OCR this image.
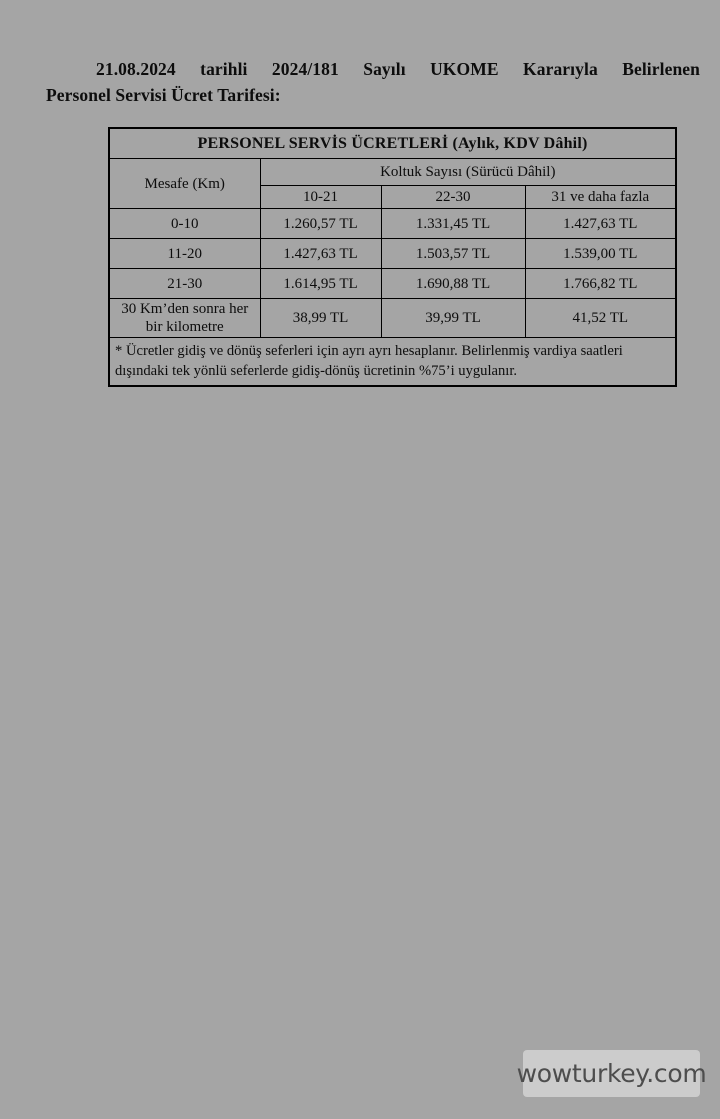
21.08.2024 tarihli 2024/181 Sayılı UKOME Kararıyla Belirlenen
Personel Servisi Ücret Tarifesi:
PERSONEL SERVİS ÜCRETLERİ (Aylık, KDV Dâhil)			
Mesafe (Km)	Koltuk Sayısı (Sürücü Dâhil)		
	10-21	22-30	31 ve daha fazla
0-10	1.260,57 TL	1.331,45 TL	1.427,63 TL
11-20	1.427,63 TL	1.503,57 TL	1.539,00 TL
21-30	1.614,95 TL	1.690,88 TL	1.766,82 TL
30 Km’den sonra her bir kilometre	38,99 TL	39,99 TL	41,52 TL
* Ücretler gidiş ve dönüş seferleri için ayrı ayrı hesaplanır. Belirlenmiş vardiya saatleri dışındaki tek yönlü seferlerde gidiş-dönüş ücretinin %75’i uygulanır.			
wowturkey.com
